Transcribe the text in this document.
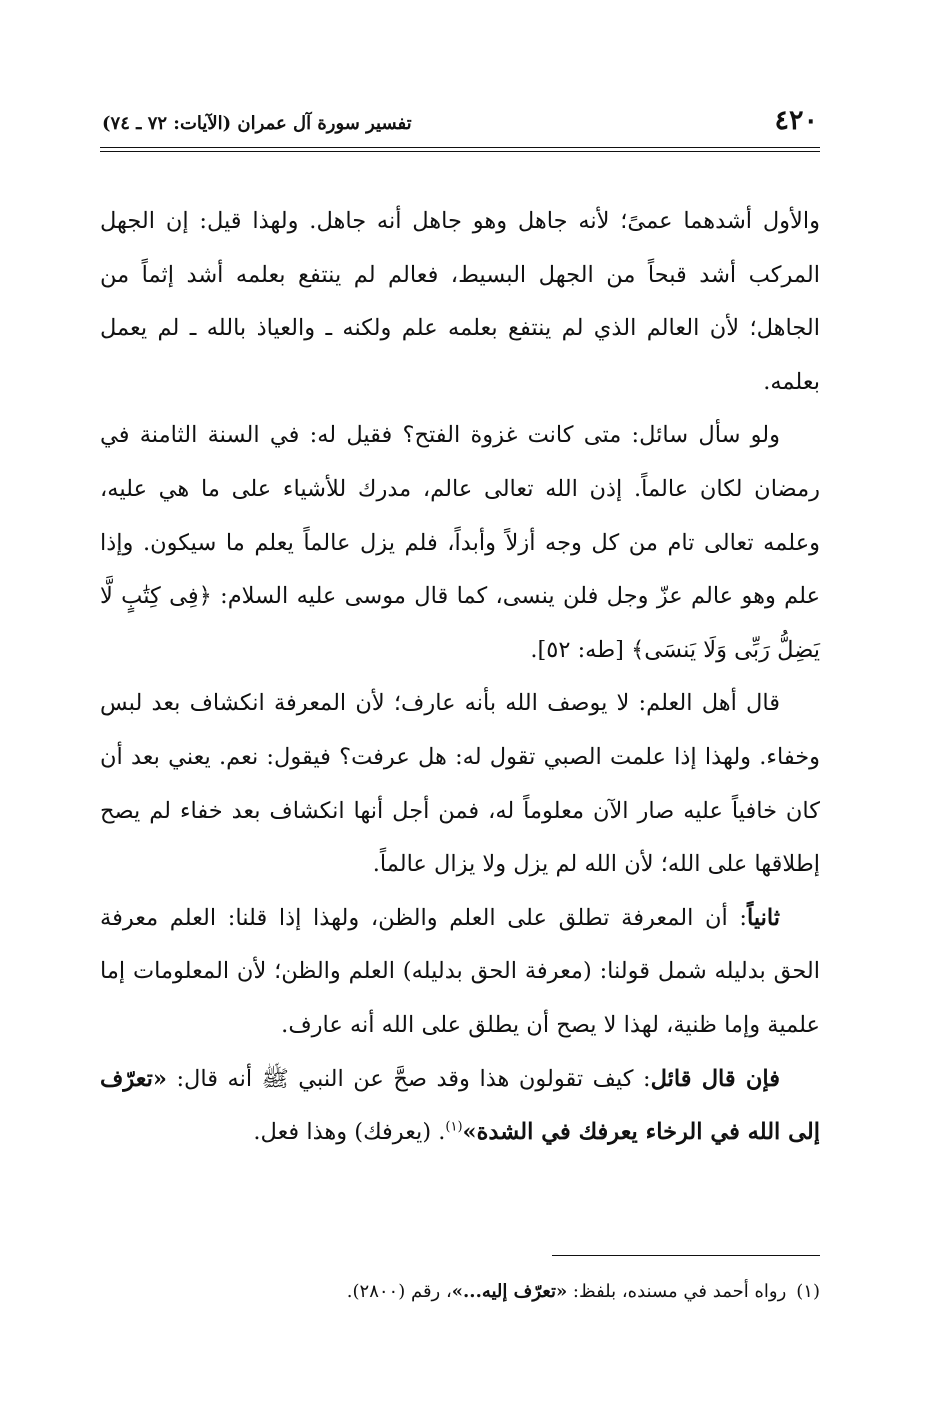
٤٢٠
تفسير سورة آل عمران (الآيات: ٧٢ ـ ٧٤)

والأول أشدهما عمىً؛ لأنه جاهل وهو جاهل أنه جاهل. ولهذا قيل: إن الجهل المركب أشد قبحاً من الجهل البسيط، فعالم لم ينتفع بعلمه أشد إثماً من الجاهل؛ لأن العالم الذي لم ينتفع بعلمه علم ولكنه ـ والعياذ بالله ـ لم يعمل بعلمه.

ولو سأل سائل: متى كانت غزوة الفتح؟ فقيل له: في السنة الثامنة في رمضان لكان عالماً. إذن الله تعالى عالم، مدرك للأشياء على ما هي عليه، وعلمه تعالى تام من كل وجه أزلاً وأبداً، فلم يزل عالماً يعلم ما سيكون. وإذا علم وهو عالم عزّ وجل فلن ينسى، كما قال موسى عليه السلام: ﴿فِى كِتَٰبٍ لَّا يَضِلُّ رَبِّى وَلَا يَنسَى﴾ [طه: ٥٢].

قال أهل العلم: لا يوصف الله بأنه عارف؛ لأن المعرفة انكشاف بعد لبس وخفاء. ولهذا إذا علمت الصبي تقول له: هل عرفت؟ فيقول: نعم. يعني بعد أن كان خافياً عليه صار الآن معلوماً له، فمن أجل أنها انكشاف بعد خفاء لم يصح إطلاقها على الله؛ لأن الله لم يزل ولا يزال عالماً.

ثانياً: أن المعرفة تطلق على العلم والظن، ولهذا إذا قلنا: العلم معرفة الحق بدليله شمل قولنا: (معرفة الحق بدليله) العلم والظن؛ لأن المعلومات إما علمية وإما ظنية، لهذا لا يصح أن يطلق على الله أنه عارف.

فإن قال قائل: كيف تقولون هذا وقد صحَّ عن النبي ﷺ أنه قال: «تعرّف إلى الله في الرخاء يعرفك في الشدة»$^{(١)}$. (يعرفك) وهذا فعل.

(١)رواه أحمد في مسنده، بلفظ: «تعرّف إليه...»، رقم (٢٨٠٠).
